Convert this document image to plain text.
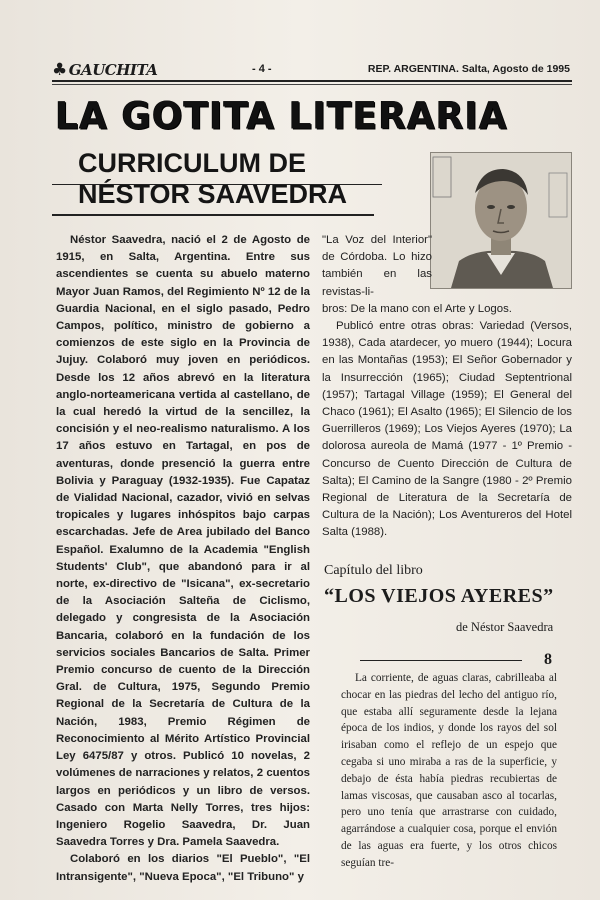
♣ GAUCHITA	- 4 -	REP. ARGENTINA. Salta, Agosto de 1995
LA GOTITA LITERARIA
CURRICULUM DE
NÉSTOR SAAVEDRA

Néstor Saavedra, nació el 2 de Agosto de 1915, en Salta, Argentina. Entre sus ascendientes se cuenta su abuelo materno Mayor Juan Ramos, del Regimiento Nº 12 de la Guardia Nacional, en el siglo pasado, Pedro Campos, político, ministro de gobierno a comienzos de este siglo en la Provincia de Jujuy. Colaboró muy joven en periódicos. Desde los 12 años abrevó en la literatura anglo-norteamericana vertida al castellano, de la cual heredó la virtud de la sencillez, la concisión y el neo-realismo naturalismo. A los 17 años estuvo en Tartagal, en pos de aventuras, donde presenció la guerra entre Bolivia y Paraguay (1932-1935). Fue Capataz de Vialidad Nacional, cazador, vivió en selvas tropicales y lugares inhóspitos bajo carpas escarchadas. Jefe de Area jubilado del Banco Español. Exalumno de la Academia "English Students' Club", que abandonó para ir al norte, ex-directivo de "Isicana", ex-secretario de la Asociación Salteña de Ciclismo, delegado y congresista de la Asociación Bancaria, colaboró en la fundación de los servicios sociales Bancarios de Salta. Primer Premio concurso de cuento de la Dirección Gral. de Cultura, 1975, Segundo Premio Regional de la Secretaría de Cultura de la Nación, 1983, Premio Régimen de Reconocimiento al Mérito Artístico Provincial Ley 6475/87 y otros. Publicó 10 novelas, 2 volúmenes de narraciones y relatos, 2 cuentos largos en periódicos y un libro de versos. Casado con Marta Nelly Torres, tres hijos: Ingeniero Rogelio Saavedra, Dr. Juan Saavedra Torres y Dra. Pamela Saavedra.

Colaboró en los diarios "El Pueblo", "El Intransigente", "Nueva Epoca", "El Tribuno" y

"La Voz del Interior" de Córdoba. Lo hizo también en las revistas-li-

bros: De la mano con el Arte y Logos.

Publicó entre otras obras: Variedad (Versos, 1938), Cada atardecer, yo muero (1944); Locura en las Montañas (1953); El Señor Gobernador y la Insurrección (1965); Ciudad Septentrional (1957); Tartagal Village (1959); El General del Chaco (1961); El Asalto (1965); El Silencio de los Guerrilleros (1969); Los Viejos Ayeres (1970); La dolorosa aureola de Mamá (1977 - 1º Premio - Concurso de Cuento Dirección de Cultura de Salta); El Camino de la Sangre (1980 - 2º Premio Regional de Literatura de la Secretaría de Cultura de la Nación); Los Aventureros del Hotel Salta (1988).

Capítulo del libro
“LOS VIEJOS AYERES”
de Néstor Saavedra
8

La corriente, de aguas claras, cabrilleaba al chocar en las piedras del lecho del antiguo río, que estaba allí seguramente desde la lejana época de los indios, y donde los rayos del sol irisaban como el reflejo de un espejo que cegaba si uno miraba a ras de la superficie, y debajo de ésta había piedras recubiertas de lamas viscosas, que causaban asco al tocarlas, pero uno tenía que arrastrarse con cuidado, agarrándose a cualquier cosa, porque el envión de las aguas era fuerte, y los otros chicos seguían tre-
